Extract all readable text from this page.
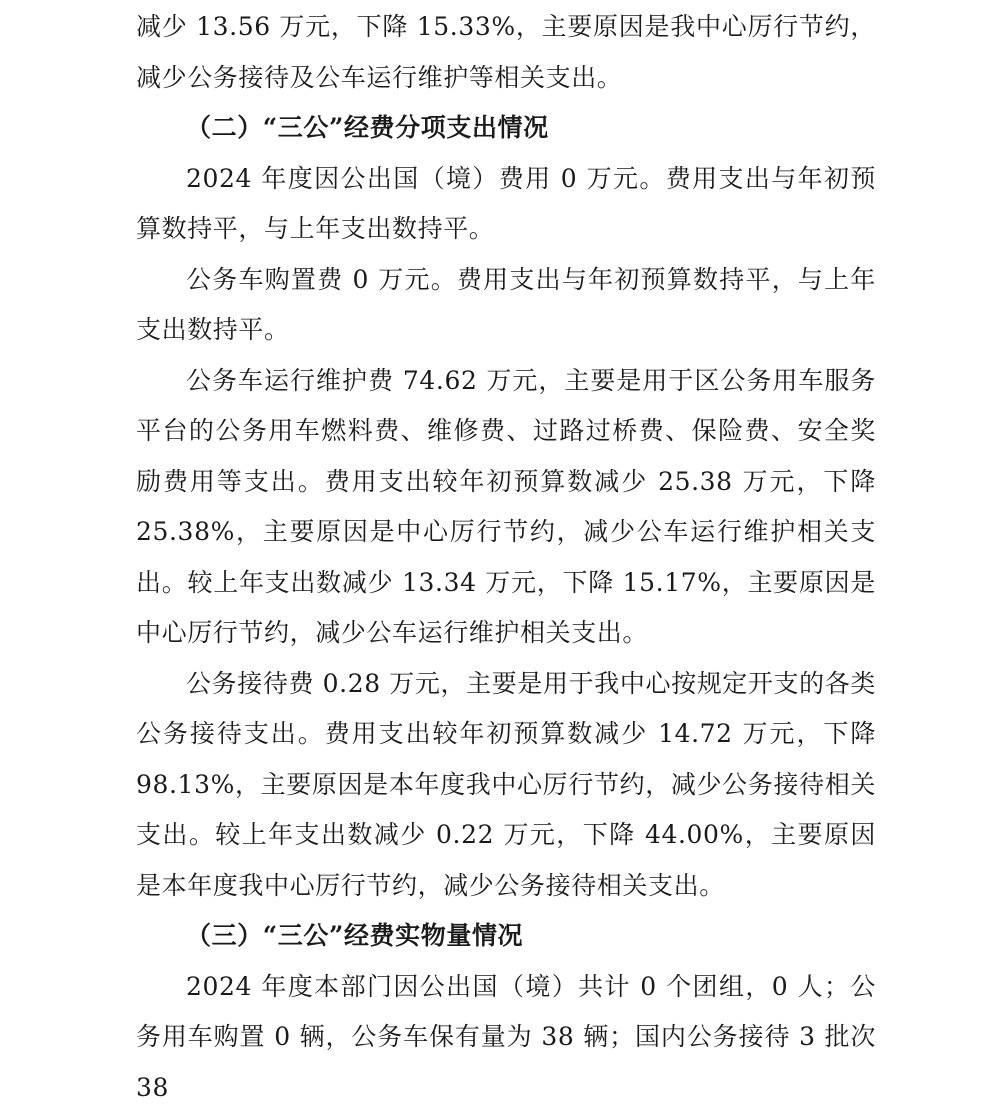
减少 13.56 万元，下降 15.33%，主要原因是我中心厉行节约，减少公务接待及公车运行维护等相关支出。

（二）“三公”经费分项支出情况

2024 年度因公出国（境）费用 0 万元。费用支出与年初预算数持平，与上年支出数持平。

公务车购置费 0 万元。费用支出与年初预算数持平，与上年支出数持平。

公务车运行维护费 74.62 万元，主要是用于区公务用车服务平台的公务用车燃料费、维修费、过路过桥费、保险费、安全奖励费用等支出。费用支出较年初预算数减少 25.38 万元，下降 25.38%，主要原因是中心厉行节约，减少公车运行维护相关支出。较上年支出数减少 13.34 万元，下降 15.17%，主要原因是中心厉行节约，减少公车运行维护相关支出。

公务接待费 0.28 万元，主要是用于我中心按规定开支的各类公务接待支出。费用支出较年初预算数减少 14.72 万元，下降 98.13%，主要原因是本年度我中心厉行节约，减少公务接待相关支出。较上年支出数减少 0.22 万元，下降 44.00%，主要原因是本年度我中心厉行节约，减少公务接待相关支出。

（三）“三公”经费实物量情况

2024 年度本部门因公出国（境）共计 0 个团组，0 人；公务用车购置 0 辆，公务车保有量为 38 辆；国内公务接待 3 批次 38
